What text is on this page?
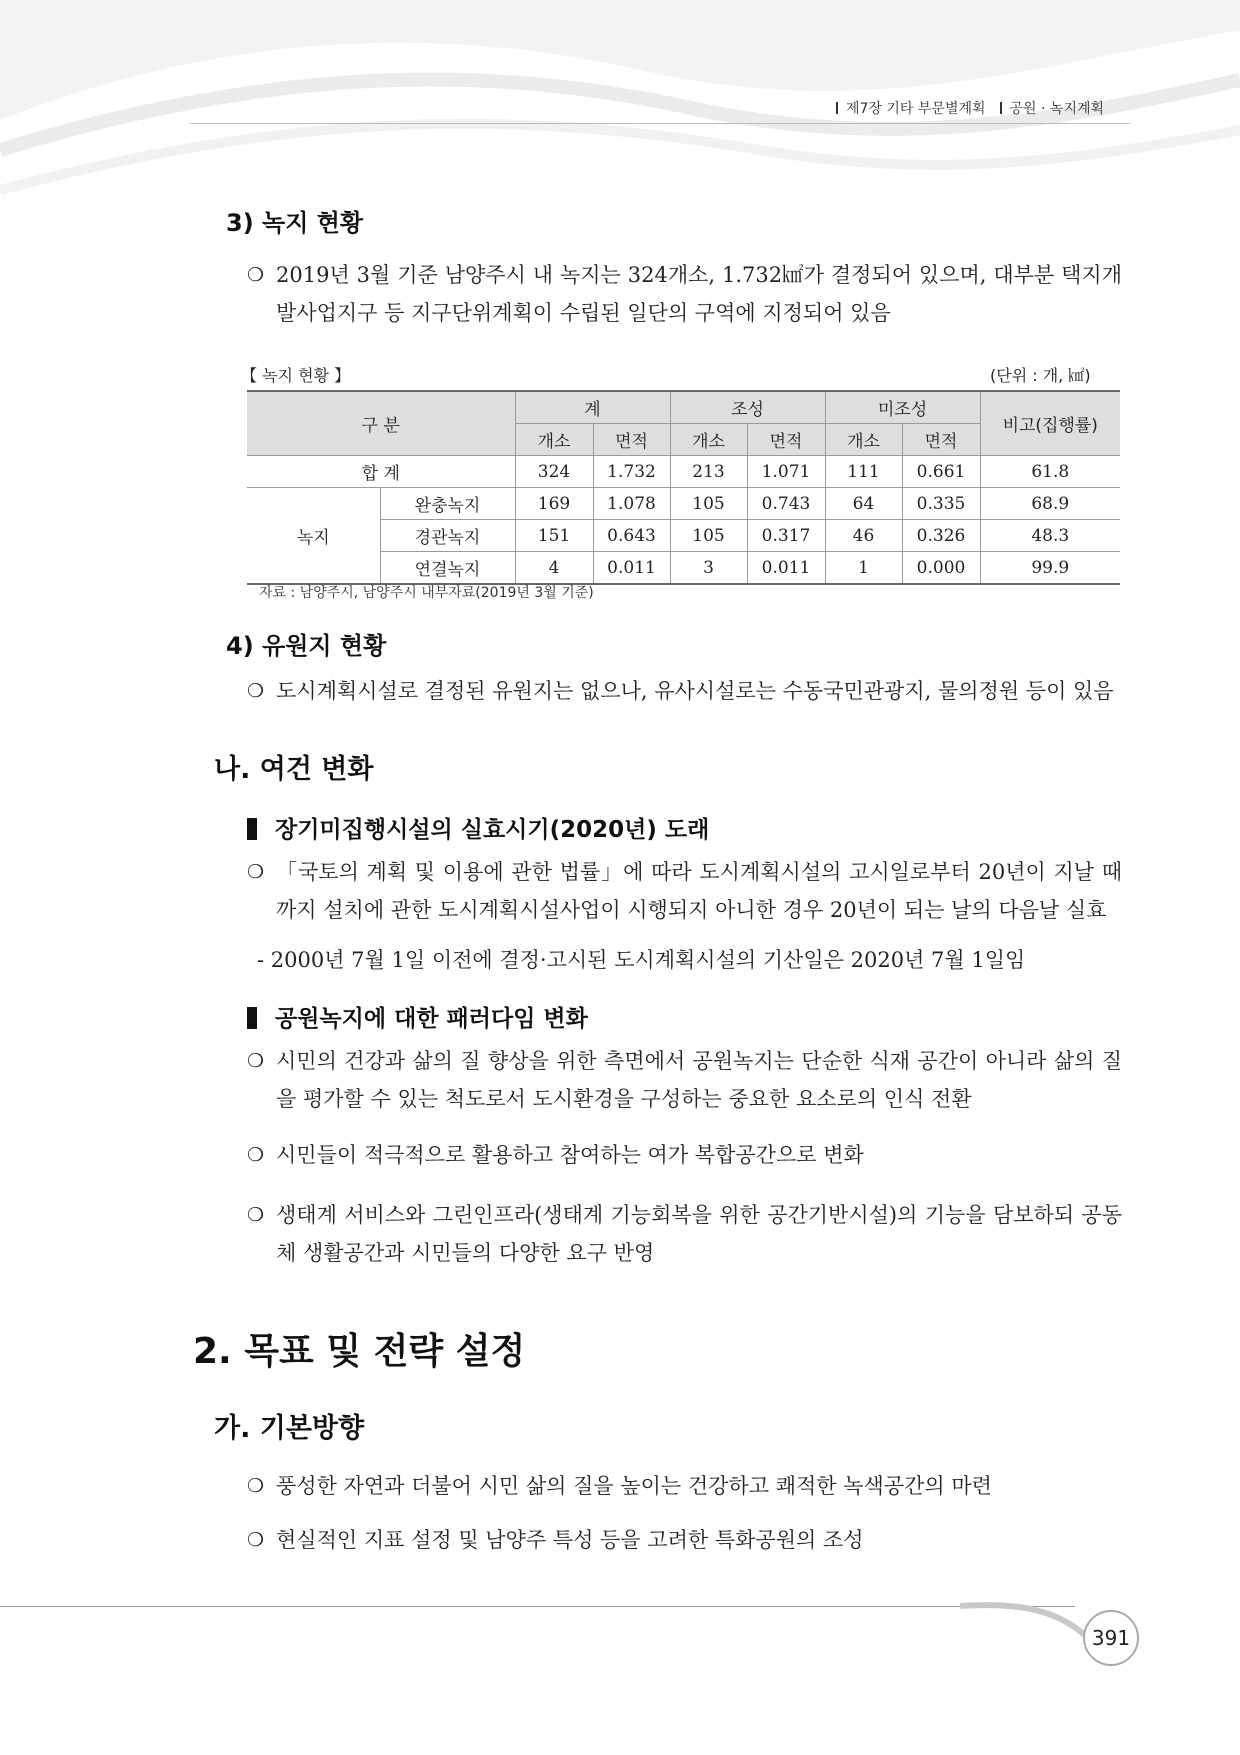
제7장 기타 부문별계획 공원 · 녹지계획
3) 녹지 현황
❍ 2019년 3월 기준 남양주시 내 녹지는 324개소, 1.732㎢가 결정되어 있으며, 대부분 택지개발사업지구 등 지구단위계획이 수립된 일단의 구역에 지정되어 있음
【 녹지 현황 】	(단위 : 개, ㎢)
구 분		계		조성		미조성		비고(집행률)
		개소	면적	개소	면적	개소	면적	
합 계		324	1.732	213	1.071	111	0.661	61.8
녹지	완충녹지	169	1.078	105	0.743	64	0.335	68.9
	경관녹지	151	0.643	105	0.317	46	0.326	48.3
	연결녹지	4	0.011	3	0.011	1	0.000	99.9
자료 : 남양주시, 남양주시 내부자료(2019년 3월 기준)
4) 유원지 현황
❍ 도시계획시설로 결정된 유원지는 없으나, 유사시설로는 수동국민관광지, 물의정원 등이 있음
나. 여건 변화
장기미집행시설의 실효시기(2020년) 도래
❍ 「국토의 계획 및 이용에 관한 법률」에 따라 도시계획시설의 고시일로부터 20년이 지날 때까지 설치에 관한 도시계획시설사업이 시행되지 아니한 경우 20년이 되는 날의 다음날 실효
- 2000년 7월 1일 이전에 결정·고시된 도시계획시설의 기산일은 2020년 7월 1일임
공원녹지에 대한 패러다임 변화
❍ 시민의 건강과 삶의 질 향상을 위한 측면에서 공원녹지는 단순한 식재 공간이 아니라 삶의 질을 평가할 수 있는 척도로서 도시환경을 구성하는 중요한 요소로의 인식 전환
❍ 시민들이 적극적으로 활용하고 참여하는 여가 복합공간으로 변화
❍ 생태계 서비스와 그린인프라(생태계 기능회복을 위한 공간기반시설)의 기능을 담보하되 공동체 생활공간과 시민들의 다양한 요구 반영
2. 목표 및 전략 설정
가. 기본방향
❍ 풍성한 자연과 더불어 시민 삶의 질을 높이는 건강하고 쾌적한 녹색공간의 마련
❍ 현실적인 지표 설정 및 남양주 특성 등을 고려한 특화공원의 조성
391
